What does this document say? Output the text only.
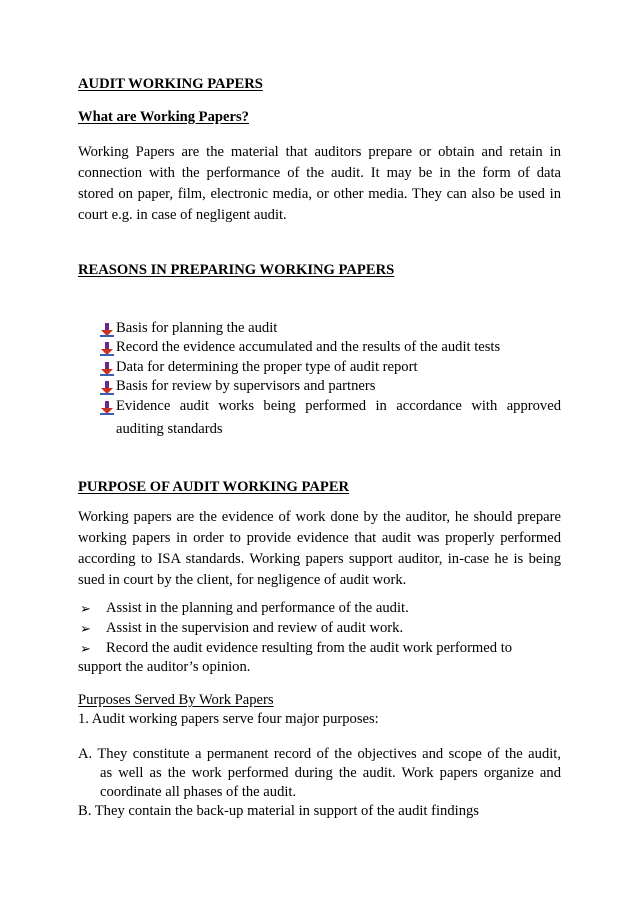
AUDIT WORKING PAPERS
What are Working Papers?
Working Papers are the material that auditors prepare or obtain and retain in
connection with the performance of the audit. It may be in the form of data
stored on paper, film, electronic media, or other media. They can also be used in
court e.g. in case of negligent audit.
REASONS IN PREPARING WORKING PAPERS
Basis for planning the audit
Record the evidence accumulated and the results of the audit tests
Data for determining the proper type of audit report
Basis for review by supervisors and partners
Evidence audit works being performed in accordance with approved
auditing standards
PURPOSE OF AUDIT WORKING PAPER
Working papers are the evidence of work done by the auditor, he should prepare
working papers in order to provide evidence that audit was properly performed
according to ISA standards. Working papers support auditor, in-case he is being
sued in court by the client, for negligence of audit work.
➢ Assist in the planning and performance of the audit.
➢ Assist in the supervision and review of audit work.
➢ Record the audit evidence resulting from the audit work performed to
support the auditor’s opinion.
Purposes Served By Work Papers
1. Audit working papers serve four major purposes:
A. They constitute a permanent record of the objectives and scope of the audit,
as well as the work performed during the audit. Work papers organize and
coordinate all phases of the audit.
B. They contain the back-up material in support of the audit findings
